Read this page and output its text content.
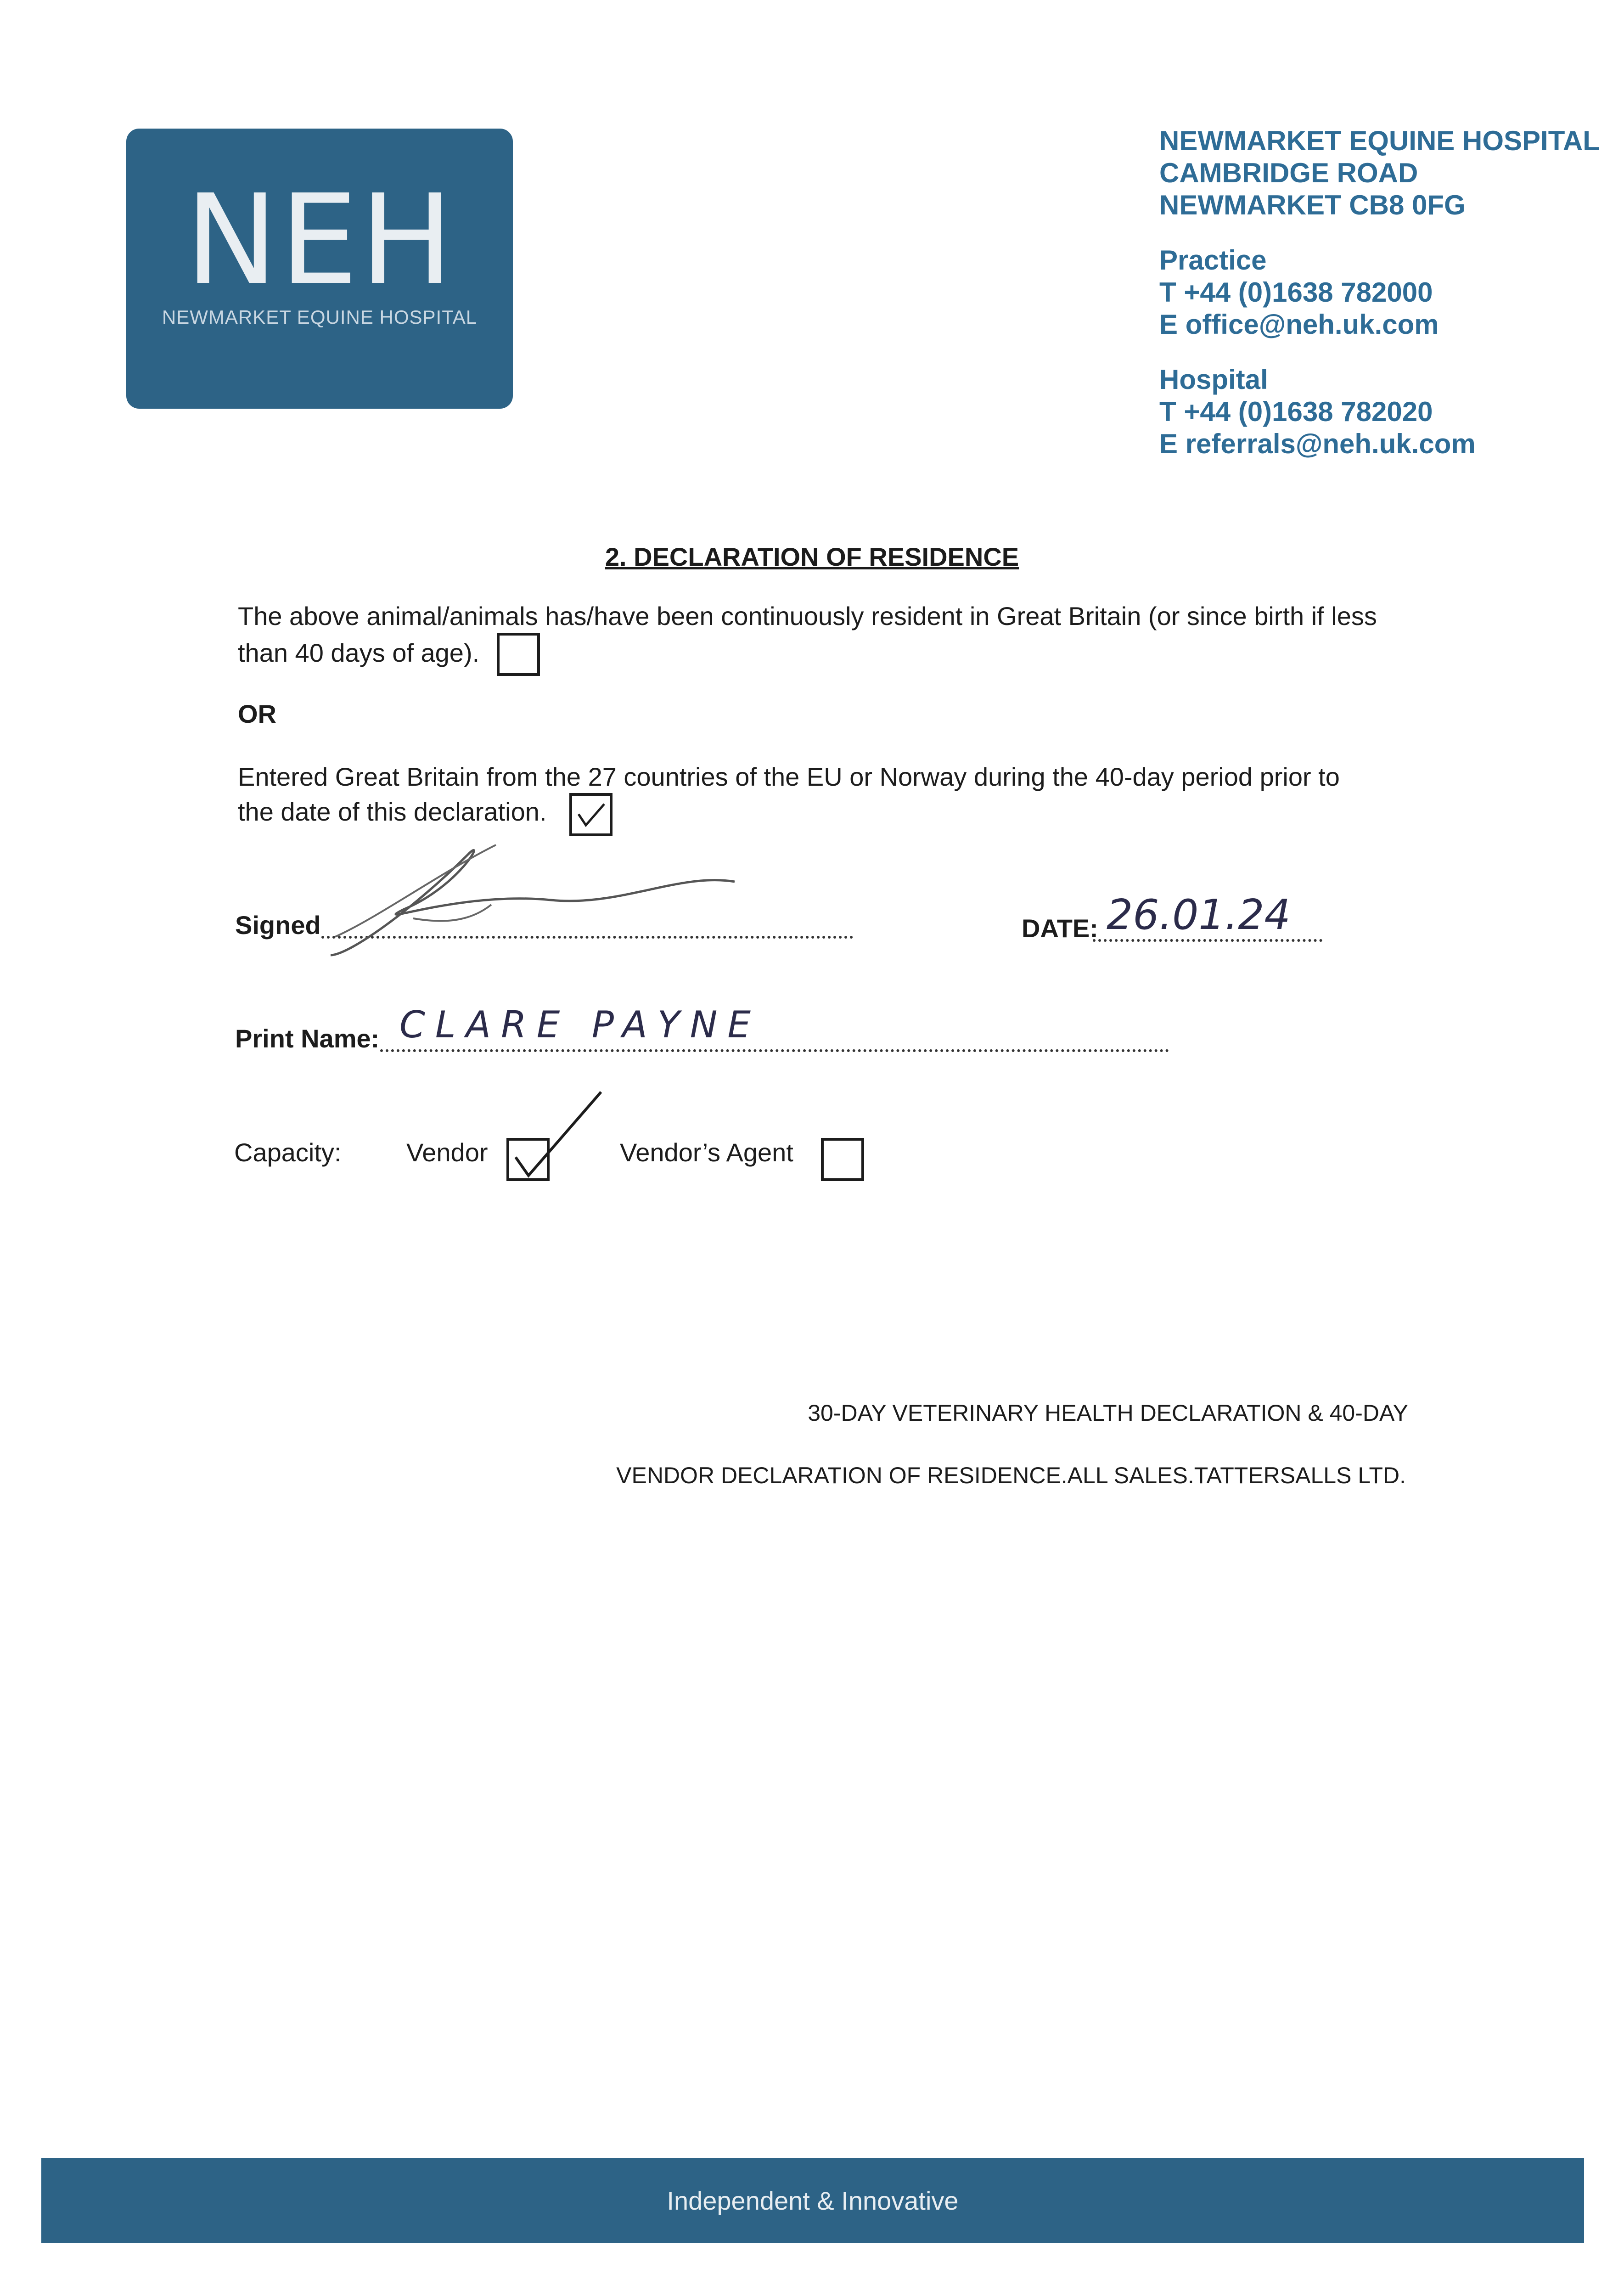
NEH
NEWMARKET EQUINE HOSPITAL
NEWMARKET EQUINE HOSPITAL
CAMBRIDGE ROAD
NEWMARKET CB8 0FG
Practice
T +44 (0)1638 782000
E office@neh.uk.com
Hospital
T +44 (0)1638 782020
E referrals@neh.uk.com
2. DECLARATION OF RESIDENCE
The above animal/animals has/have been continuously resident in Great Britain (or since birth if less
than 40 days of age).
OR
Entered Great Britain from the 27 countries of the EU or Norway during the 40-day period prior to
the date of this declaration.
Signed	DATE: 26.01.24
Print Name: CLARE PAYNE
Capacity:	Vendor	Vendor’s Agent
30-DAY VETERINARY HEALTH DECLARATION & 40-DAY
VENDOR DECLARATION OF RESIDENCE.ALL SALES.TATTERSALLS LTD.
Independent & Innovative
